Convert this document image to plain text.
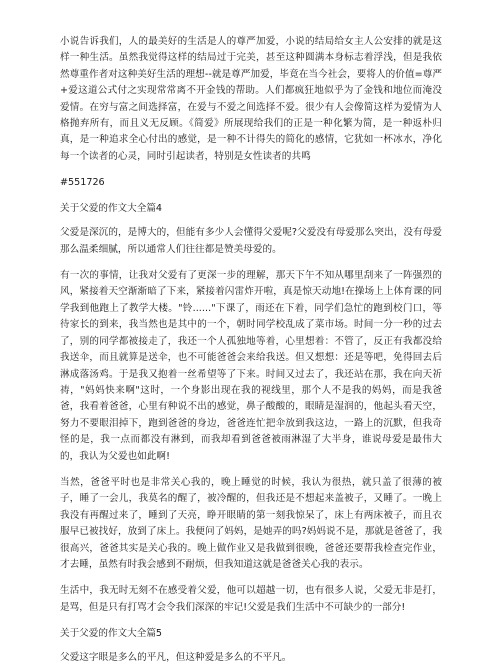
小说告诉我们，人的最美好的生活是人的尊严加爱，小说的结局给女主人公安排的就是这样一种生活。虽然我觉得这样的结局过于完美，甚至这种圆满本身标志着浮浅，但是我依然尊重作者对这种美好生活的理想--就是尊严加爱，毕竟在当今社会，要将人的价值=尊严+爱这道公式付之实现常常离不开金钱的帮助。人们都疯狂地似乎为了金钱和地位而淹没爱情。在穷与富之间选择富，在爱与不爱之间选择不爱。很少有人会像简这样为爱情为人格抛弃所有，而且义无反顾。《简爱》所展现给我们的正是一种化繁为简，是一种返朴归真，是一种追求全心付出的感觉，是一种不计得失的简化的感情，它犹如一杯冰水，净化每一个读者的心灵，同时引起读者，特别是女性读者的共鸣

#551726

关于父爱的作文大全篇4

父爱是深沉的，是博大的，但能有多少人会懂得父爱呢?父爱没有母爱那么突出，没有母爱那么温柔细腻，所以通常人们往往都是赞美母爱的。

有一次的事情，让我对父爱有了更深一步的理解，那天下午不知从哪里刮来了一阵强烈的风，紧接着天空渐渐暗了下来，紧接着闪雷炸开啦，真是惊天动地!在操场上上体育课的同学我到他跑上了教学大楼。"铃......"下课了，雨还在下着，同学们急忙的跑到校门口，等待家长的到来，我当然也是其中的一个，朝时同学校乱成了菜市场。时间一分一秒的过去了，别的同学都被接走了，我还一个人孤独地等着，心里想着：不管了，反正有我都没给我送伞，而且就算是送伞，也不可能爸爸会来给我送。但又想想：还是等吧，免得回去后淋成落汤鸡。于是我又抱着一丝希望等了下来。时间又过去了，我还站在那，我在向天祈祷，"妈妈快来啊"这时，一个身影出现在我的视线里，那个人不是我的妈妈，而是我爸爸，我看着爸爸，心里有种说不出的感觉，鼻子酸酸的，眼睛是湿润的，他起头看天空，努力不要眼泪掉下，跑到爸爸的身边，爸爸连忙把伞放到我这边，一路上的沉默，但我奇怪的是，我一点而都没有淋到，而我却看到爸爸被雨淋湿了大半身，谁说母爱是最伟大的，我认为父爱也如此啊!

当然，爸爸平时也是非常关心我的，晚上睡觉的时候，我认为很热，就只盖了很薄的被子，睡了一会儿，我莫名的醒了，被冷醒的，但我还是不想起来盖被子，又睡了。一晚上我没有再醒过来了，睡到了天亮，睁开眼睛的第一刻我惊呆了，床上有两床被子，而且衣服早已被找好，放到了床上。我便问了妈妈，是她弄的吗?妈妈说不是，那就是爸爸了，我很高兴，爸爸其实是关心我的。晚上做作业又是我做到很晚，爸爸还要帮我检查完作业，才去睡，虽然有时我会感到不耐烦，但我知道这就是爸爸关心我的表示。

生活中，我无时无刻不在感受着父爱，他可以超越一切，也有很多人说，父爱无非是打，是骂，但是只有打骂才会令我们深深的牢记!父爱是我们生活中不可缺少的一部分!

关于父爱的作文大全篇5

父爱这字眼是多么的平凡，但这种爱是多么的不平凡。
